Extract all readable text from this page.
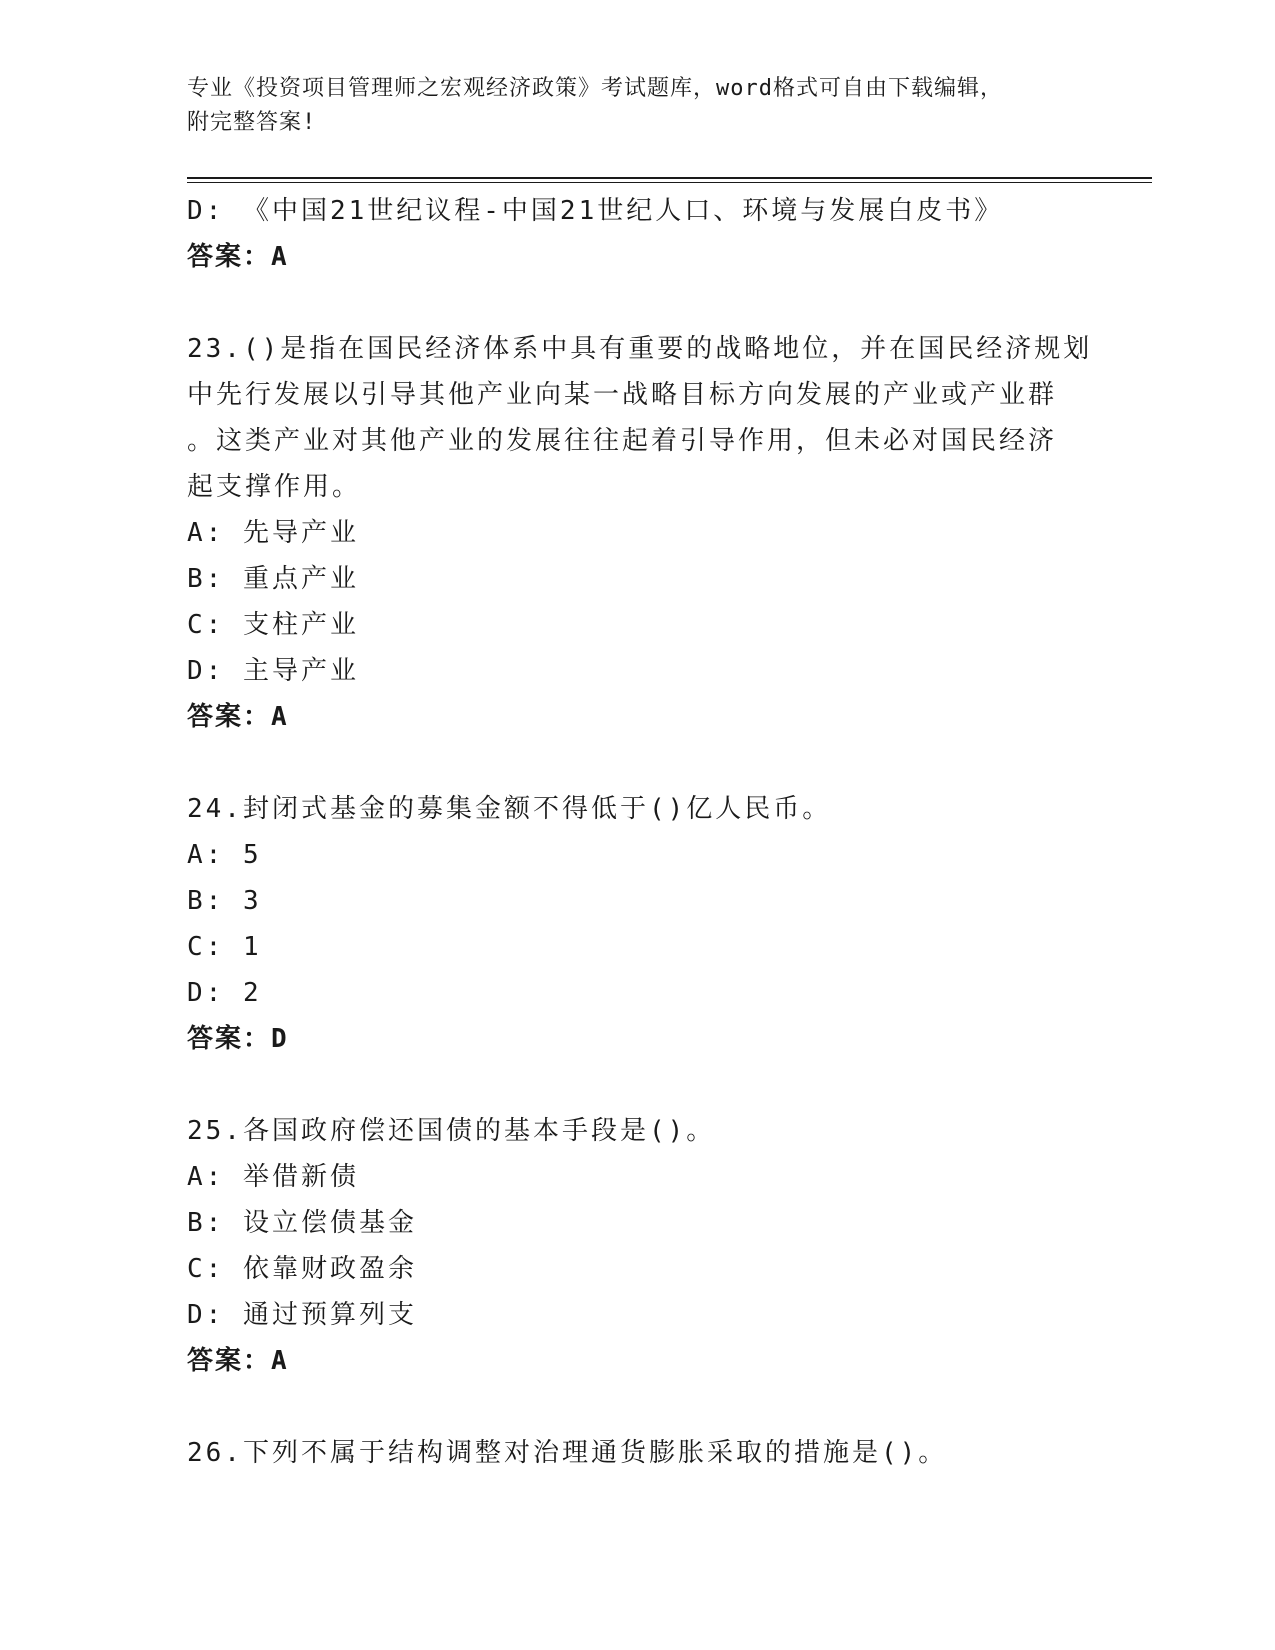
专业《投资项目管理师之宏观经济政策》考试题库，word格式可自由下载编辑，
附完整答案!
D: 《中国21世纪议程-中国21世纪人口、环境与发展白皮书》
答案：A
23.()是指在国民经济体系中具有重要的战略地位，并在国民经济规划
中先行发展以引导其他产业向某一战略目标方向发展的产业或产业群
。这类产业对其他产业的发展往往起着引导作用，但未必对国民经济
起支撑作用。
A: 先导产业
B: 重点产业
C: 支柱产业
D: 主导产业
答案：A
24.封闭式基金的募集金额不得低于()亿人民币。
A: 5
B: 3
C: 1
D: 2
答案：D
25.各国政府偿还国债的基本手段是()。
A: 举借新债
B: 设立偿债基金
C: 依靠财政盈余
D: 通过预算列支
答案：A
26.下列不属于结构调整对治理通货膨胀采取的措施是()。
